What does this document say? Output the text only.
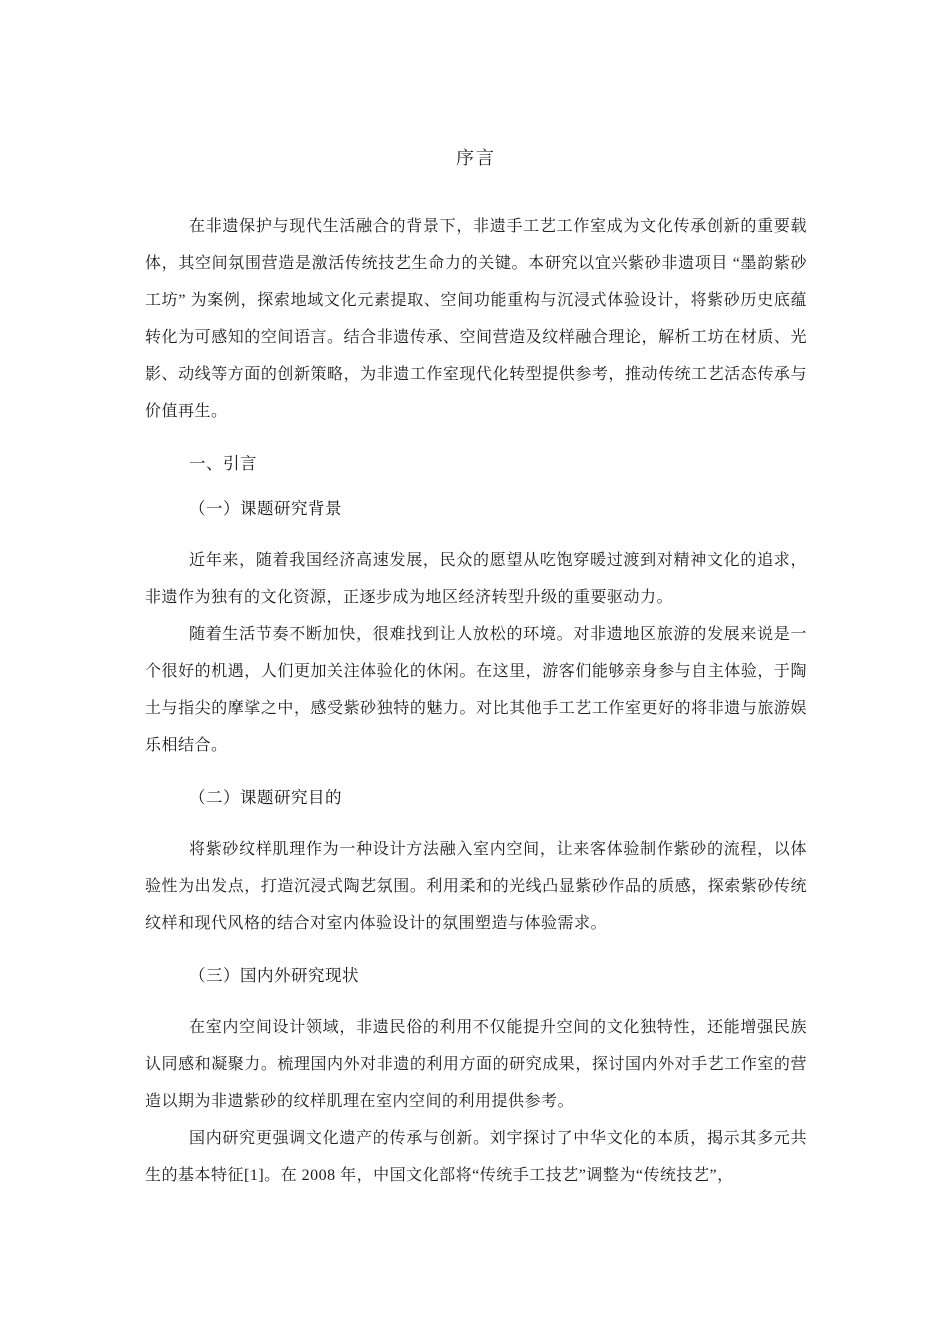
序言

在非遗保护与现代生活融合的背景下，非遗手工艺工作室成为文化传承创新的重要载体，其空间氛围营造是激活传统技艺生命力的关键。本研究以宜兴紫砂非遗项目 “墨韵紫砂工坊” 为案例，探索地域文化元素提取、空间功能重构与沉浸式体验设计，将紫砂历史底蕴转化为可感知的空间语言。结合非遗传承、空间营造及纹样融合理论，解析工坊在材质、光影、动线等方面的创新策略，为非遗工作室现代化转型提供参考，推动传统工艺活态传承与价值再生。

一、引言
（一）课题研究背景

近年来，随着我国经济高速发展，民众的愿望从吃饱穿暖过渡到对精神文化的追求，非遗作为独有的文化资源，正逐步成为地区经济转型升级的重要驱动力。

随着生活节奏不断加快，很难找到让人放松的环境。对非遗地区旅游的发展来说是一个很好的机遇，人们更加关注体验化的休闲。在这里，游客们能够亲身参与自主体验，于陶土与指尖的摩挲之中，感受紫砂独特的魅力。对比其他手工艺工作室更好的将非遗与旅游娱乐相结合。

（二）课题研究目的

将紫砂纹样肌理作为一种设计方法融入室内空间，让来客体验制作紫砂的流程，以体验性为出发点，打造沉浸式陶艺氛围。利用柔和的光线凸显紫砂作品的质感，探索紫砂传统纹样和现代风格的结合对室内体验设计的氛围塑造与体验需求。

（三）国内外研究现状

在室内空间设计领域，非遗民俗的利用不仅能提升空间的文化独特性，还能增强民族认同感和凝聚力。梳理国内外对非遗的利用方面的研究成果，探讨国内外对手艺工作室的营造以期为非遗紫砂的纹样肌理在室内空间的利用提供参考。

国内研究更强调文化遗产的传承与创新。刘宇探讨了中华文化的本质，揭示其多元共生的基本特征[1]。在 2008 年，中国文化部将“传统手工技艺”调整为“传统技艺”，
